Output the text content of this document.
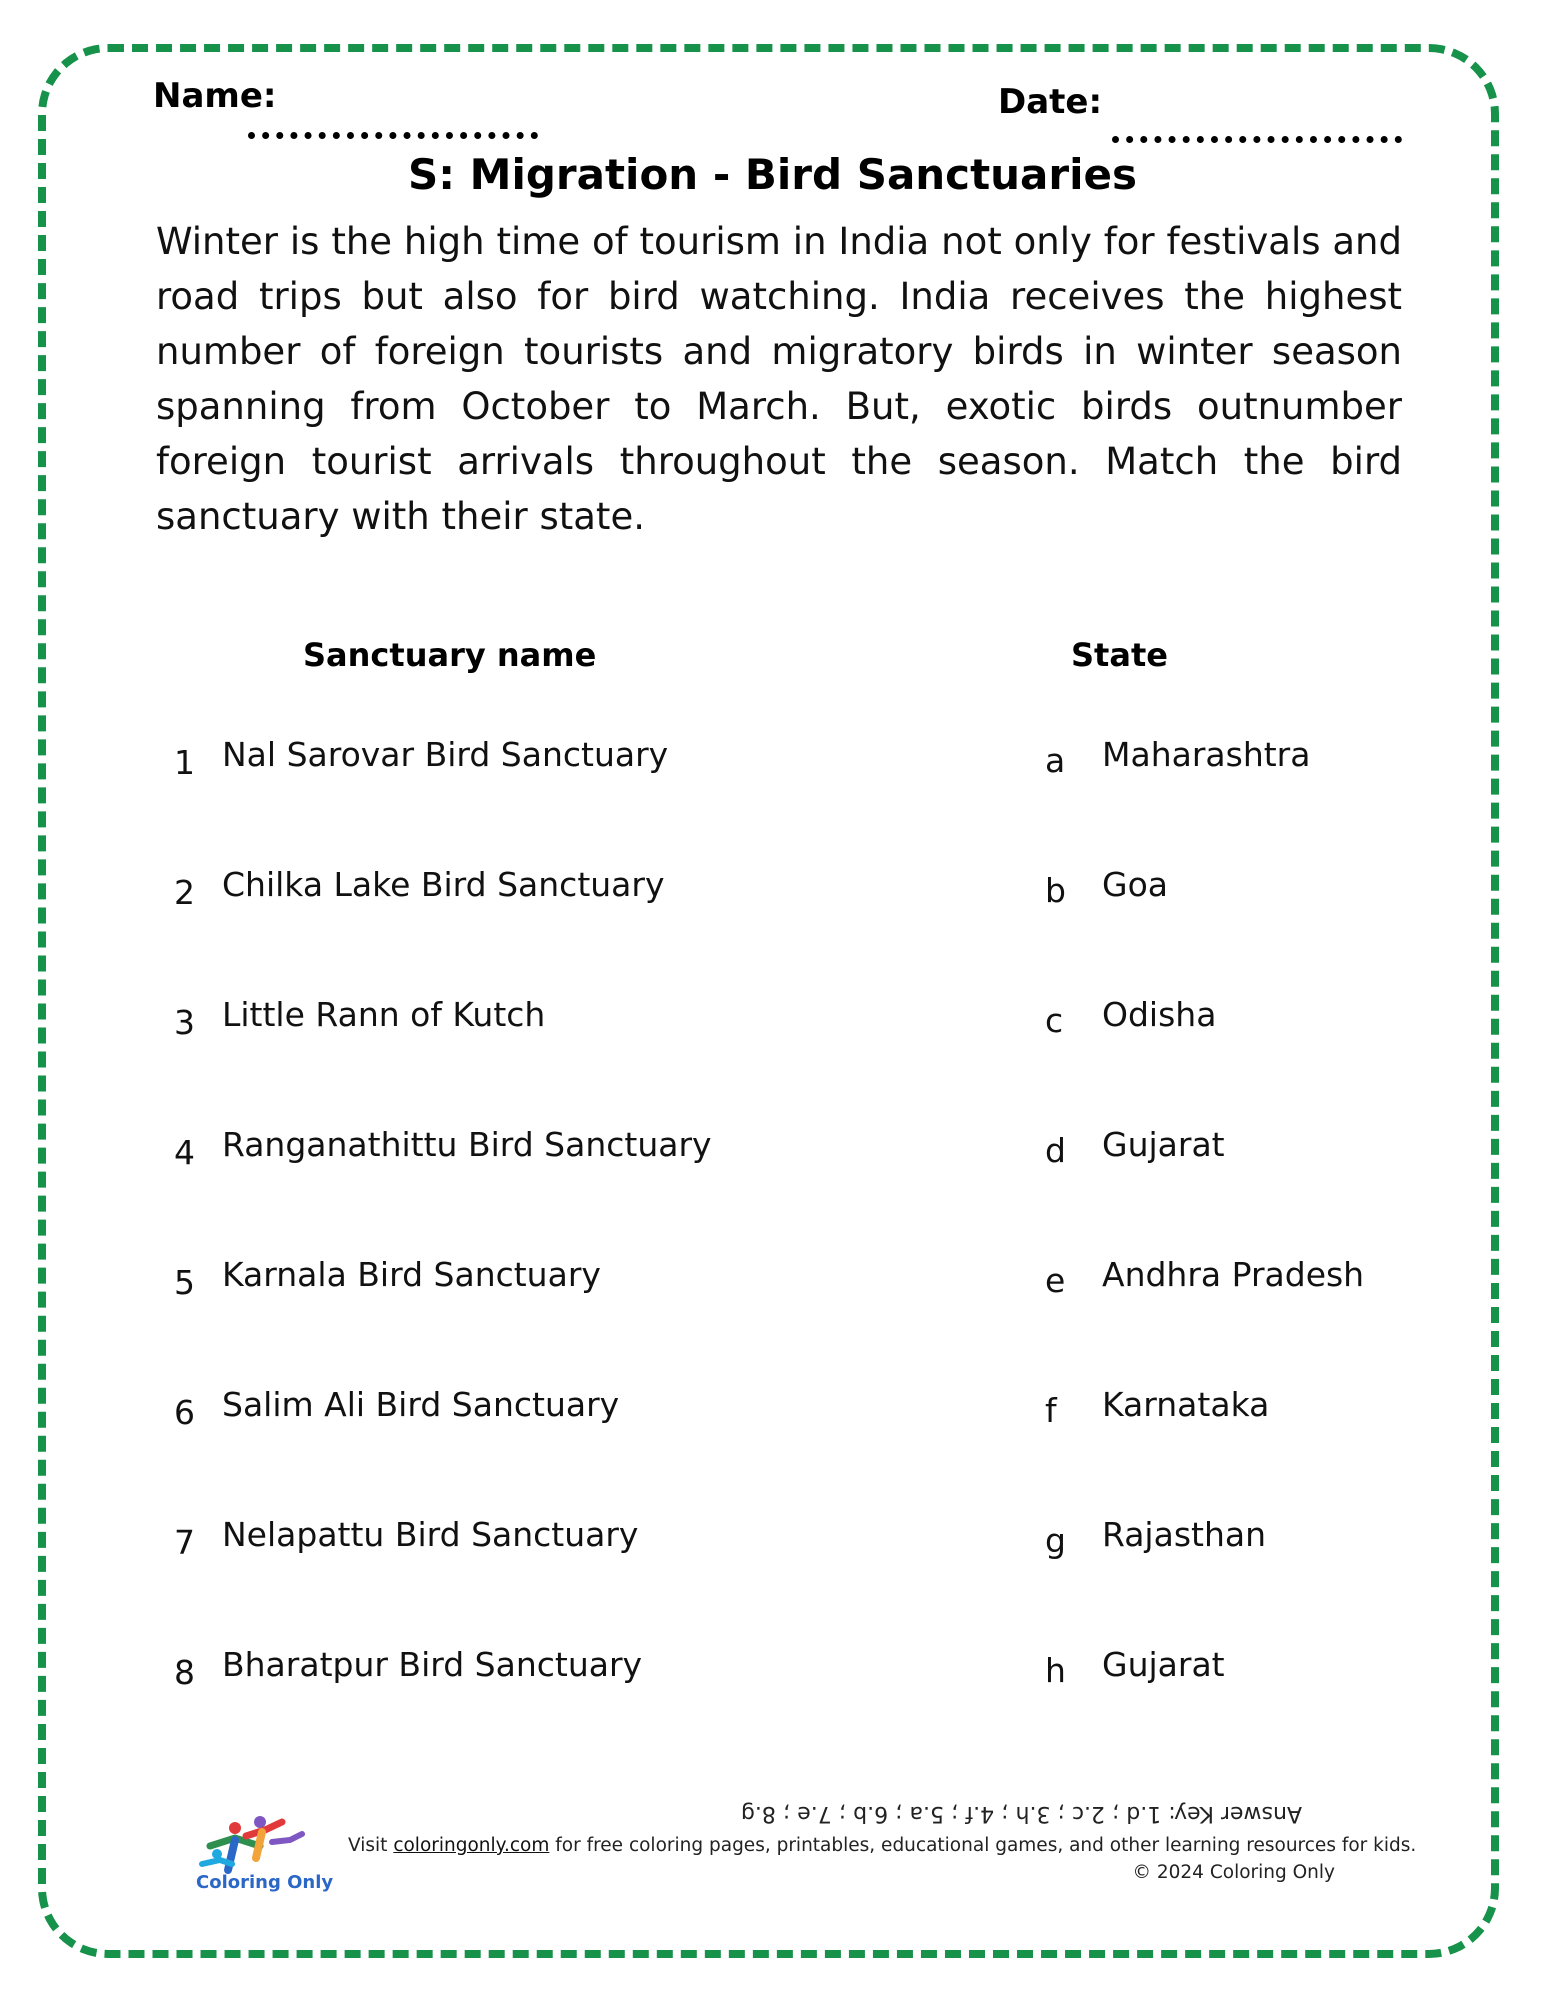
Name:	Date:
S: Migration - Bird Sanctuaries
Winter is the high time of tourism in India not only for festivals and road trips but also for bird watching. India receives the highest number of foreign tourists and migratory birds in winter season spanning from October to March. But, exotic birds outnumber foreign tourist arrivals throughout the season. Match the bird sanctuary with their state.
Sanctuary name	State
1 Nal Sarovar Bird Sanctuary	a Maharashtra
2 Chilka Lake Bird Sanctuary	b Goa
3 Little Rann of Kutch	c	Odisha
4 Ranganathittu Bird Sanctuary	d Gujarat
5 Karnala Bird Sanctuary	e Andhra Pradesh
6 Salim Ali Bird Sanctuary	f	Karnataka
7 Nelapattu Bird Sanctuary	g Rajasthan
8 Bharatpur Bird Sanctuary	h Gujarat
Answer Key: 1.d ; 2.c ; 3.h ; 4.f ; 5.a ; 6.b ; 7.e ; 8.g
Coloring Only
Visit coloringonly.com for free coloring pages, printables, educational games, and other learning resources for kids.
© 2024 Coloring Only
